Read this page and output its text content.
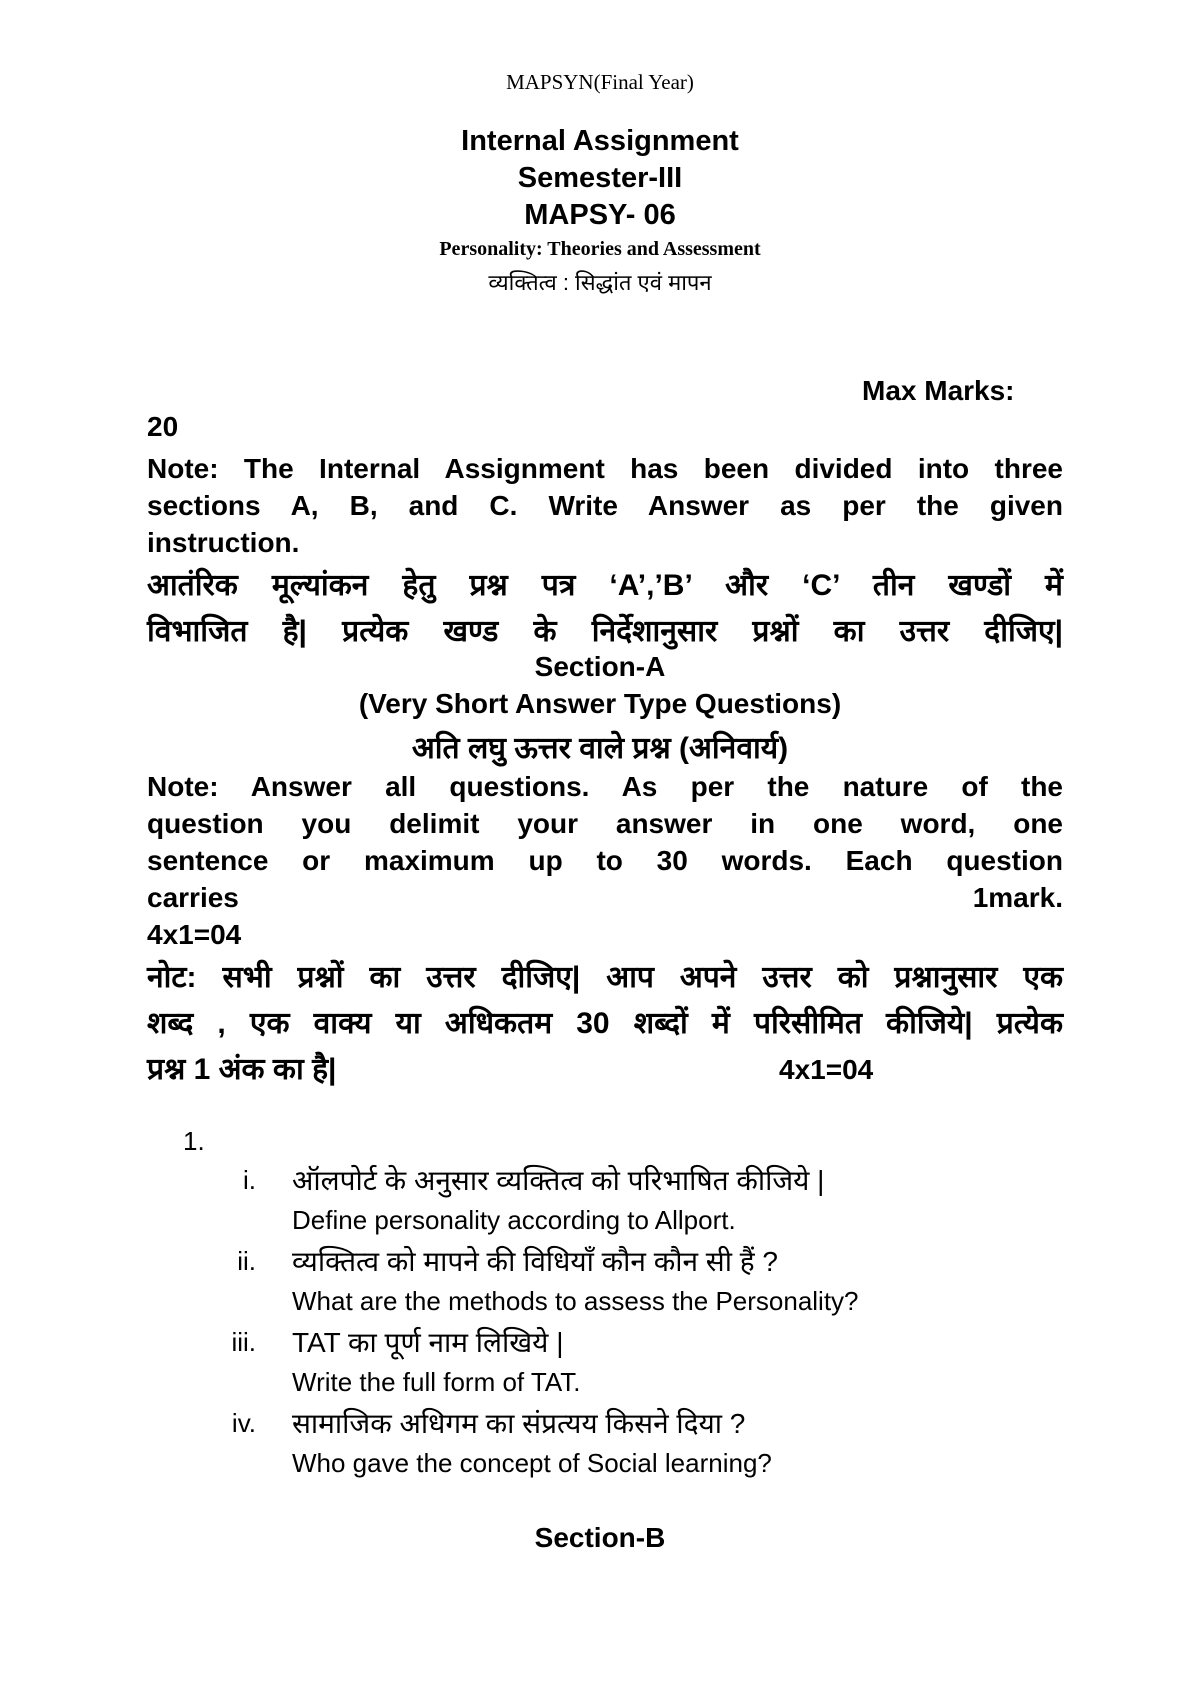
MAPSYN(Final Year)
Internal Assignment
Semester-III
MAPSY- 06
Personality: Theories and Assessment
व्यक्तित्व : सिद्धांत एवं मापन
Max Marks:
20
Note: The Internal Assignment has been divided into three
sections A, B, and C. Write Answer as per the given
instruction.
आतंरिक मूल्यांकन हेतु प्रश्न पत्र ‘A’,’B’ और ‘C’ तीन खण्डों में
विभाजित है| प्रत्येक खण्ड के निर्देशानुसार प्रश्नों का उत्तर दीजिए|
Section-A
(Very Short Answer Type Questions)
अति लघु ऊत्तर वाले प्रश्न (अनिवार्य)
Note: Answer all questions. As per the nature of the
question you delimit your answer in one word, one
sentence or maximum up to 30 words. Each question
carries	1mark.
4x1=04
नोट: सभी प्रश्नों का उत्तर दीजिए| आप अपने उत्तर को प्रश्नानुसार एक
शब्द , एक वाक्य या अधिकतम 30 शब्दों में परिसीमित कीजिये| प्रत्येक
प्रश्न 1 अंक का है|	4x1=04
1.
i. ऑलपोर्ट के अनुसार व्यक्तित्व को परिभाषित कीजिये |
Define personality according to Allport.
ii. व्यक्तित्व को मापने की विधियाँ कौन कौन सी हैं ?
What are the methods to assess the Personality?
iii. TAT का पूर्ण नाम लिखिये |
Write the full form of TAT.
iv. सामाजिक अधिगम का संप्रत्यय किसने दिया ?
Who gave the concept of Social learning?
Section-B
